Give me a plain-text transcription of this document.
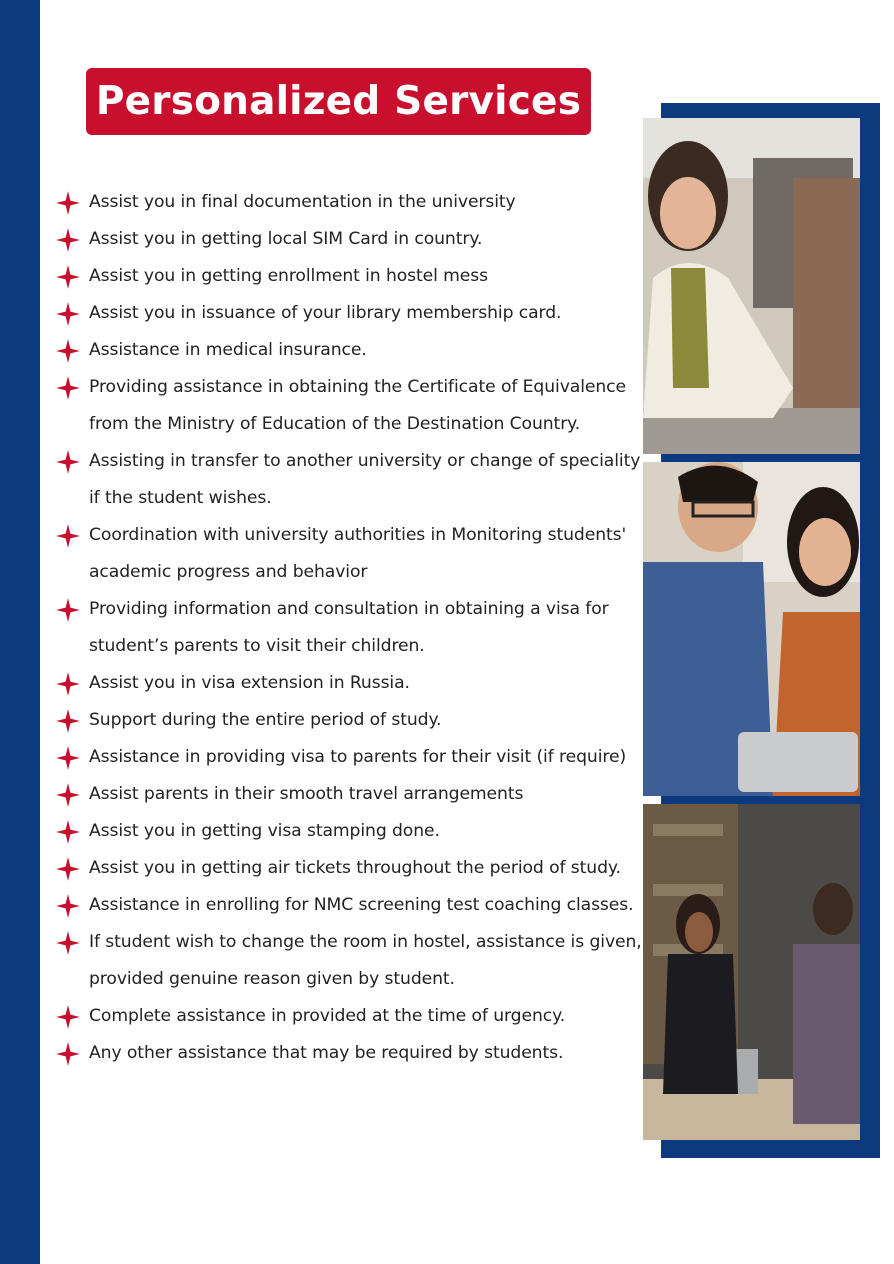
Personalized Services
Assist you in final documentation in the university
Assist you in getting local SIM Card in country.
Assist you in getting enrollment in hostel mess
Assist you in issuance of your library membership card.
Assistance in medical insurance.
Providing assistance in obtaining the Certificate of Equivalence from the Ministry of Education of the Destination Country.
Assisting in transfer to another university or change of speciality if the student wishes.
Coordination with university authorities in Monitoring students' academic progress and behavior
Providing information and consultation in obtaining a visa for student’s parents to visit their children.
Assist you in visa extension in Russia.
Support during the entire period of study.
Assistance in providing visa to parents for their visit (if require)
Assist parents in their smooth travel arrangements
Assist you in getting visa stamping done.
Assist you in getting air tickets throughout the period of study.
Assistance in enrolling for NMC screening test coaching classes.
If student wish to change the room in hostel, assistance is given, provided genuine reason given by student.
Complete assistance in provided at the time of urgency.
Any other assistance that may be required by students.
